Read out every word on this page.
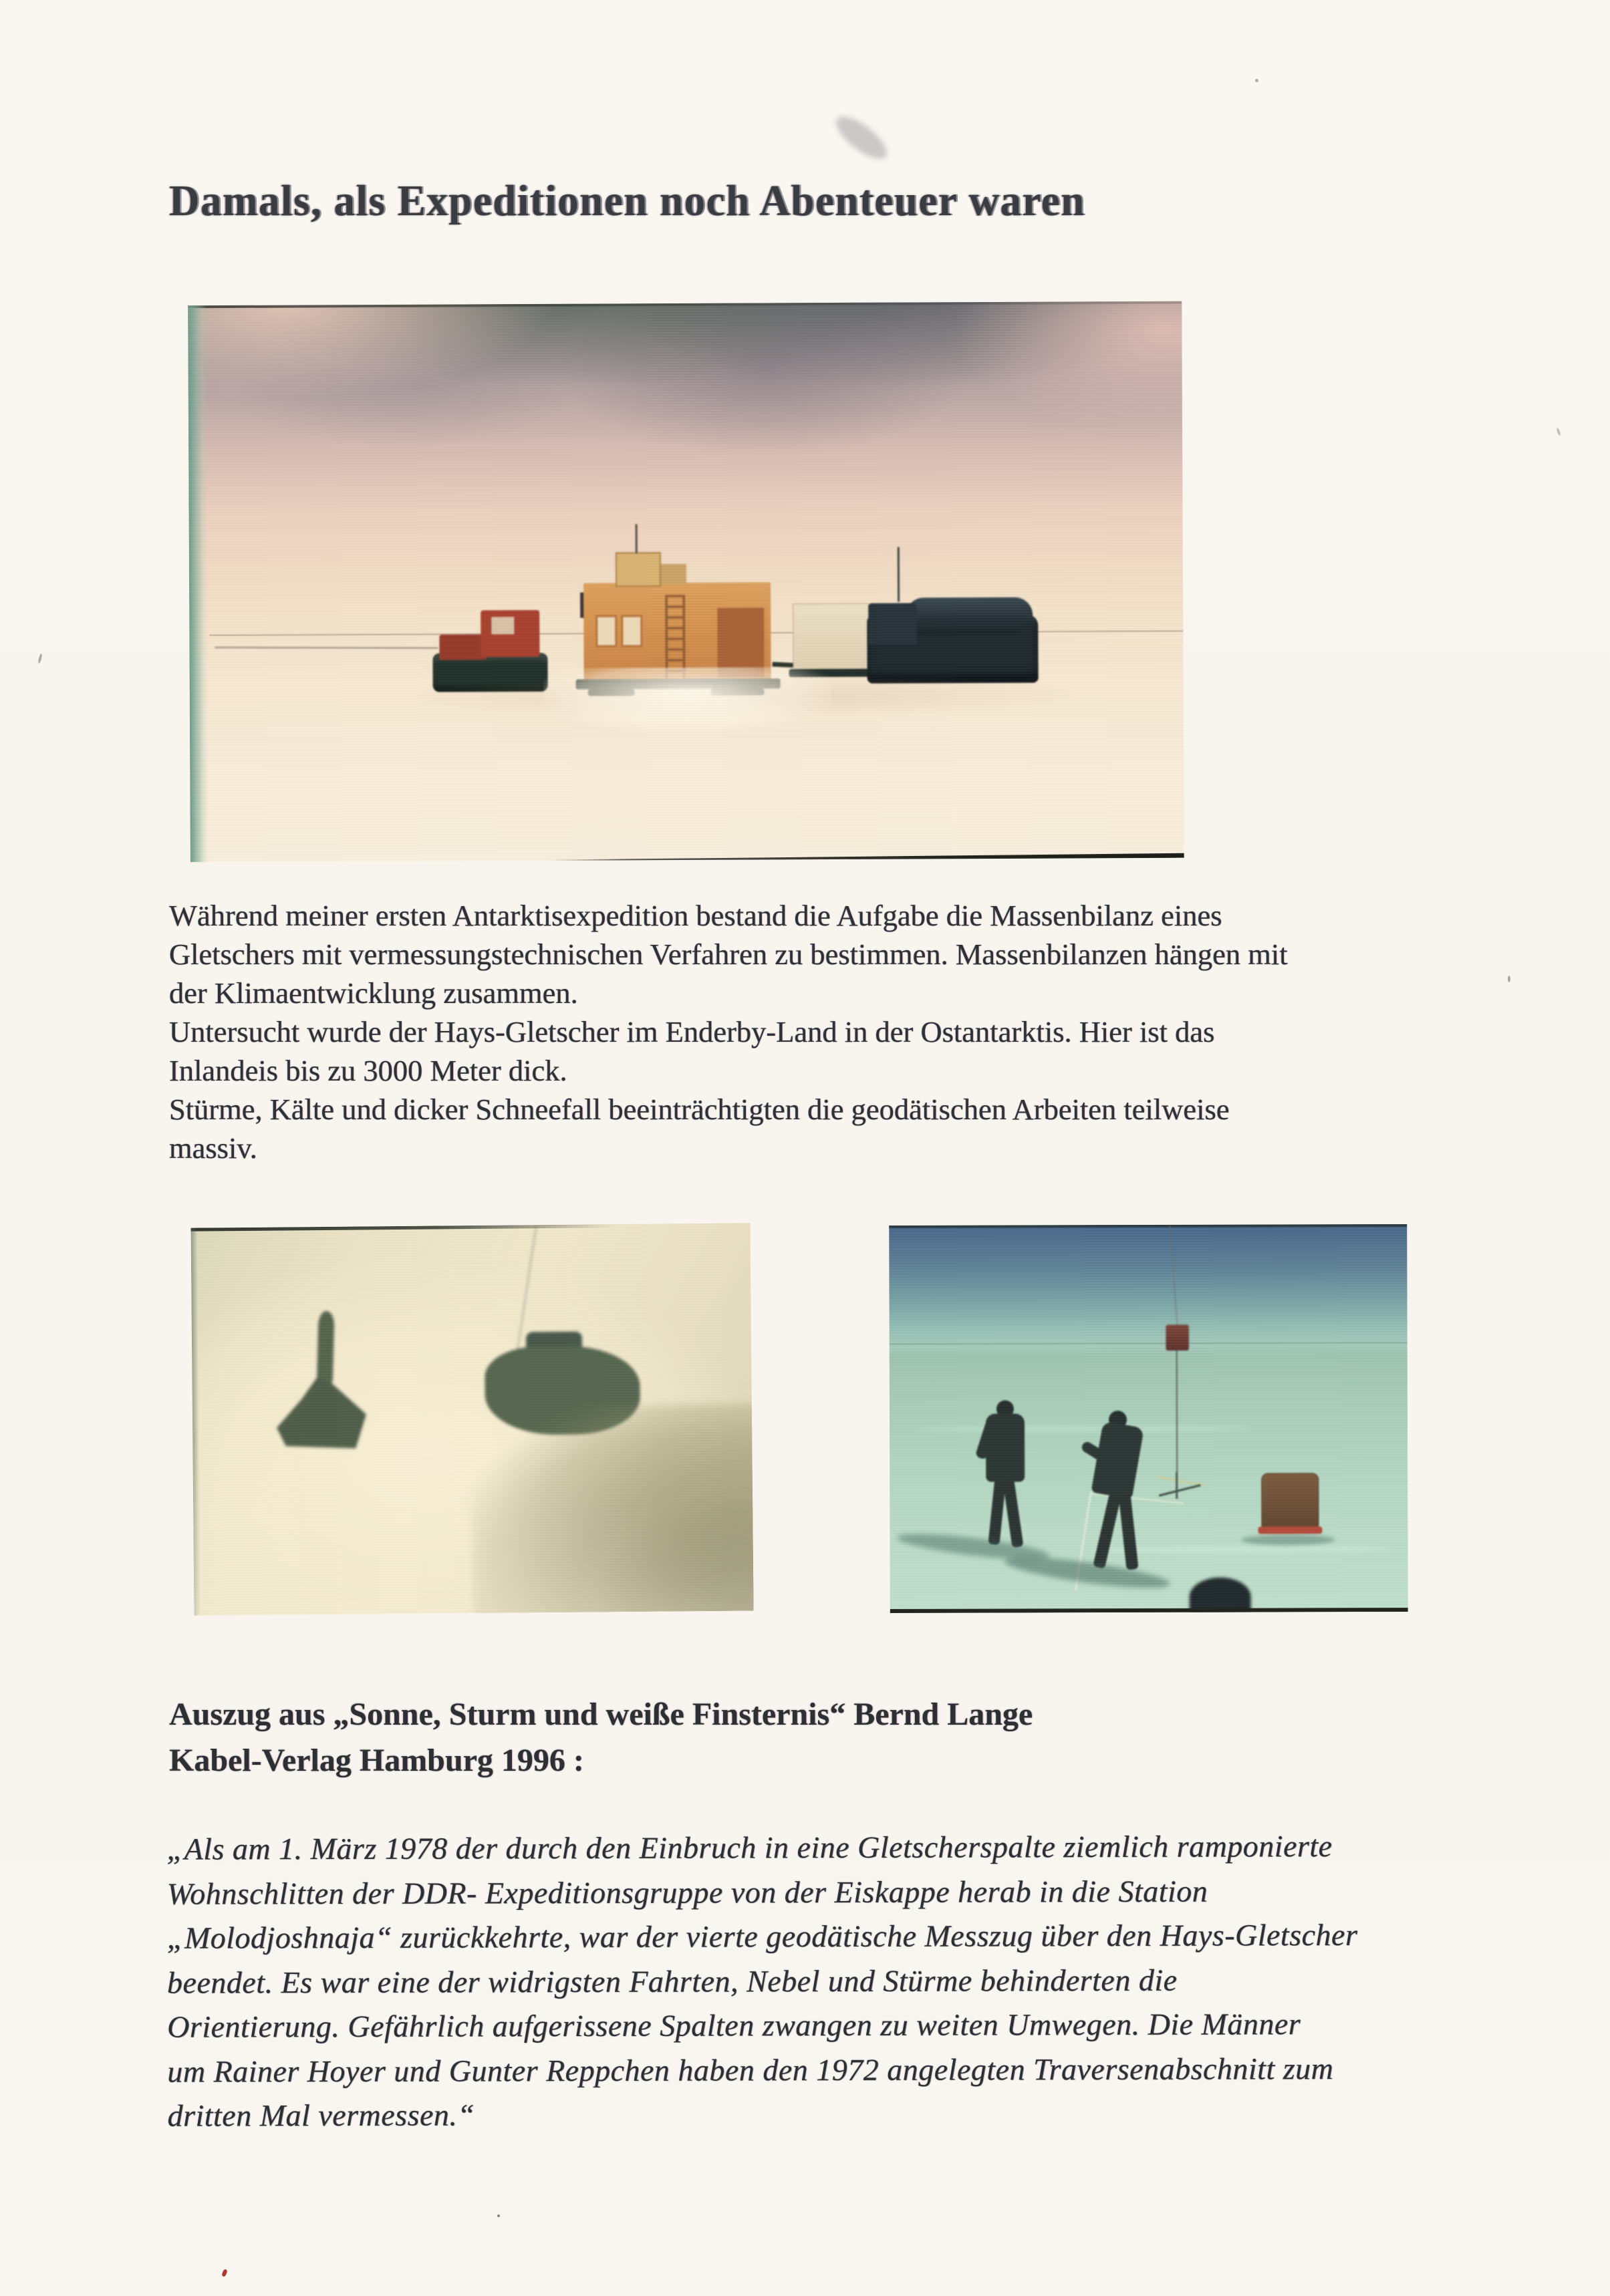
Damals, als Expeditionen noch Abenteuer waren
Während meiner ersten Antarktisexpedition bestand die Aufgabe die Massenbilanz eines
Gletschers mit vermessungstechnischen Verfahren zu bestimmen. Massenbilanzen hängen mit
der Klimaentwicklung zusammen.
Untersucht wurde der Hays-Gletscher im Enderby-Land in der Ostantarktis. Hier ist das
Inlandeis bis zu 3000 Meter dick.
Stürme, Kälte und dicker Schneefall beeinträchtigten die geodätischen Arbeiten teilweise
massiv.
Auszug aus „Sonne, Sturm und weiße Finsternis“ Bernd Lange
Kabel-Verlag Hamburg 1996 :
„Als am 1. März 1978 der durch den Einbruch in eine Gletscherspalte ziemlich ramponierte
Wohnschlitten der DDR- Expeditionsgruppe von der Eiskappe herab in die Station
„Molodjoshnaja“ zurückkehrte, war der vierte geodätische Messzug über den Hays-Gletscher
beendet. Es war eine der widrigsten Fahrten, Nebel und Stürme behinderten die
Orientierung. Gefährlich aufgerissene Spalten zwangen zu weiten Umwegen. Die Männer
um Rainer Hoyer und Gunter Reppchen haben den 1972 angelegten Traversenabschnitt zum
dritten Mal vermessen.“
